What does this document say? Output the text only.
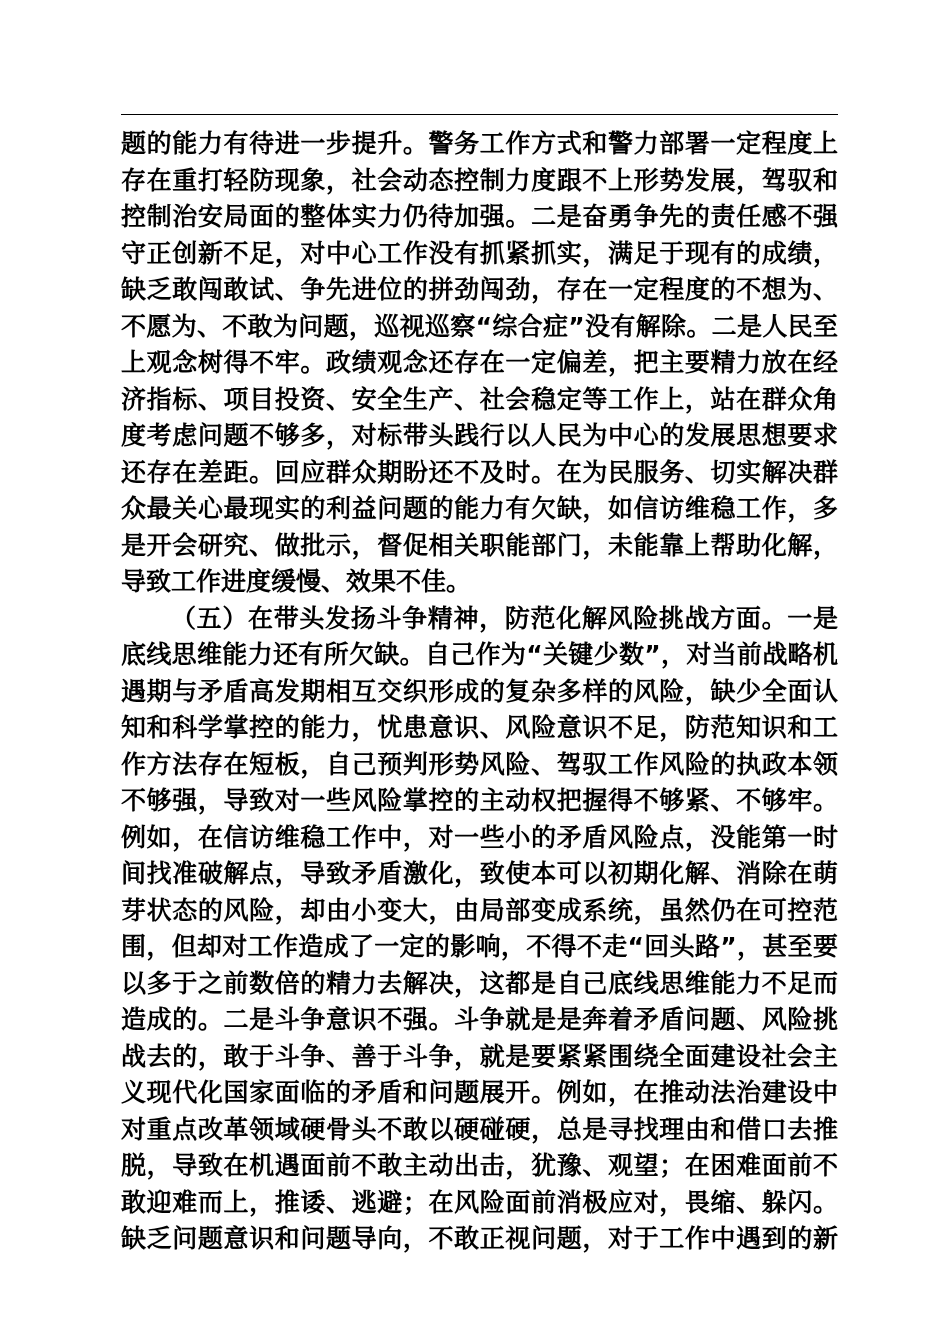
题的能力有待进一步提升。警务工作方式和警力部署一定程度上
存在重打轻防现象，社会动态控制力度跟不上形势发展，驾驭和
控制治安局面的整体实力仍待加强。二是奋勇争先的责任感不强
守正创新不足，对中心工作没有抓紧抓实，满足于现有的成绩，
缺乏敢闯敢试、争先进位的拼劲闯劲，存在一定程度的不想为、
不愿为、不敢为问题，巡视巡察“综合症”没有解除。二是人民至
上观念树得不牢。政绩观念还存在一定偏差，把主要精力放在经
济指标、项目投资、安全生产、社会稳定等工作上，站在群众角
度考虑问题不够多，对标带头践行以人民为中心的发展思想要求
还存在差距。回应群众期盼还不及时。在为民服务、切实解决群
众最关心最现实的利益问题的能力有欠缺，如信访维稳工作，多
是开会研究、做批示，督促相关职能部门，未能靠上帮助化解，
导致工作进度缓慢、效果不佳。
（五）在带头发扬斗争精神，防范化解风险挑战方面。一是
底线思维能力还有所欠缺。自己作为“关键少数”，对当前战略机
遇期与矛盾高发期相互交织形成的复杂多样的风险，缺少全面认
知和科学掌控的能力，忧患意识、风险意识不足，防范知识和工
作方法存在短板，自己预判形势风险、驾驭工作风险的执政本领
不够强，导致对一些风险掌控的主动权把握得不够紧、不够牢。
例如，在信访维稳工作中，对一些小的矛盾风险点，没能第一时
间找准破解点，导致矛盾激化，致使本可以初期化解、消除在萌
芽状态的风险，却由小变大，由局部变成系统，虽然仍在可控范
围，但却对工作造成了一定的影响，不得不走“回头路”，甚至要
以多于之前数倍的精力去解决，这都是自己底线思维能力不足而
造成的。二是斗争意识不强。斗争就是是奔着矛盾问题、风险挑
战去的，敢于斗争、善于斗争，就是要紧紧围绕全面建设社会主
义现代化国家面临的矛盾和问题展开。例如，在推动法治建设中
对重点改革领域硬骨头不敢以硬碰硬，总是寻找理由和借口去推
脱，导致在机遇面前不敢主动出击，犹豫、观望；在困难面前不
敢迎难而上，推诿、逃避；在风险面前消极应对，畏缩、躲闪。
缺乏问题意识和问题导向，不敢正视问题，对于工作中遇到的新
